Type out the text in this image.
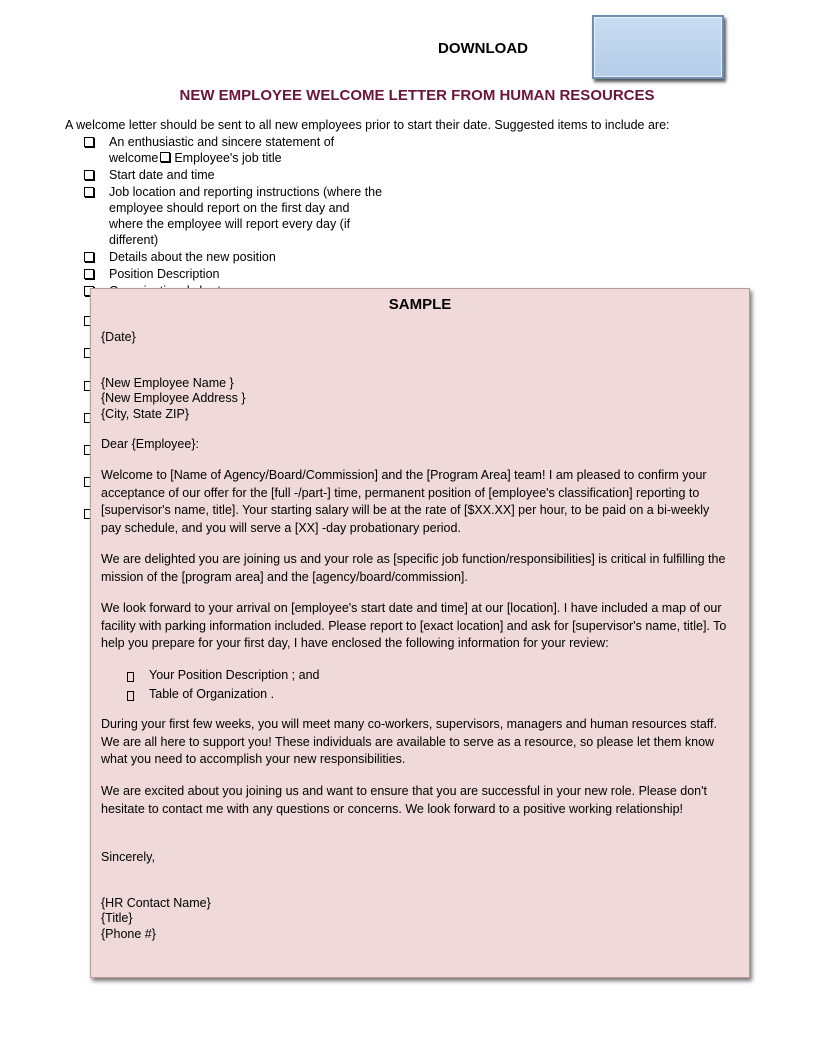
DOWNLOAD
NEW EMPLOYEE WELCOME LETTER FROM HUMAN RESOURCES
A welcome letter should be sent to all new employees prior to start their date. Suggested items to include are:
An enthusiastic and sincere statement of
welcome Employee's job title
Start date and time
Job location and reporting instructions (where the employee should report on the first day and where the employee will report every day (if different)
Details about the new position
Position Description
SAMPLE
{Date}
{New Employee Name }
{New Employee Address }
{City, State ZIP}
Dear {Employee}:
Welcome to [Name of Agency/Board/Commission] and the [Program Area] team! I am pleased to confirm your acceptance of our offer for the [full -/part-] time, permanent position of [employee's classification] reporting to [supervisor's name, title]. Your starting salary will be at the rate of [$XX.XX] per hour, to be paid on a bi-weekly pay schedule, and you will serve a [XX] -day probationary period.
We are delighted you are joining us and your role as [specific job function/responsibilities] is critical in fulfilling the mission of the [program area] and the [agency/board/commission].
We look forward to your arrival on [employee's start date and time] at our [location]. I have included a map of our facility with parking information included. Please report to [exact location] and ask for [supervisor's name, title]. To help you prepare for your first day, I have enclosed the following information for your review:
Your Position Description ; and
Table of Organization .
During your first few weeks, you will meet many co-workers, supervisors, managers and human resources staff. We are all here to support you! These individuals are available to serve as a resource, so please let them know what you need to accomplish your new responsibilities.
We are excited about you joining us and want to ensure that you are successful in your new role. Please don't hesitate to contact me with any questions or concerns. We look forward to a positive working relationship!
Sincerely,
{HR Contact Name}
{Title}
{Phone #}
